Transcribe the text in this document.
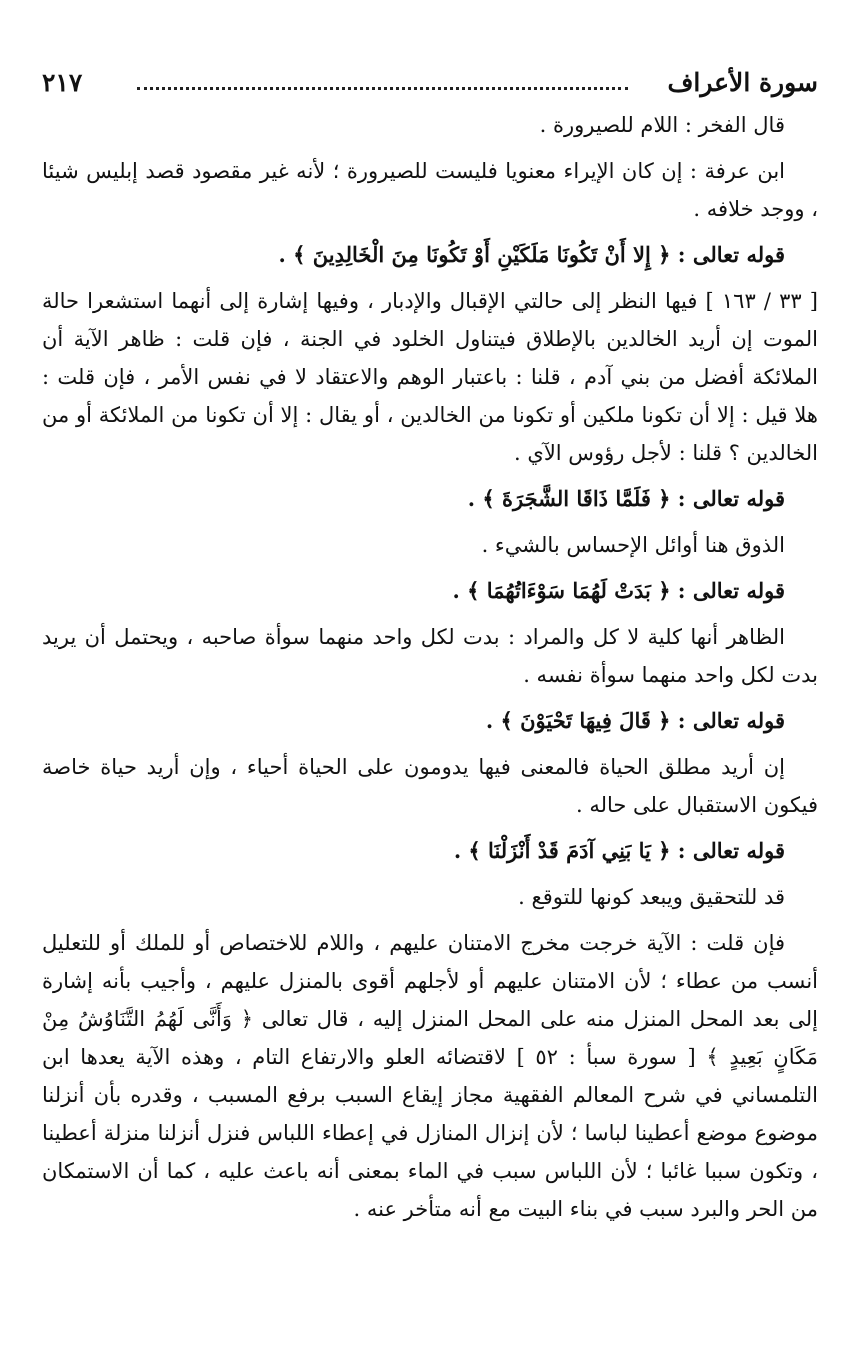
سورة الأعراف
٢١٧

قال الفخر : اللام للصيرورة .

ابن عرفة : إن كان الإيراء معنويا فليست للصيرورة ؛ لأنه غير مقصود قصد إبليس شيئا ، ووجد خلافه .

قوله تعالى : ﴿ إِلا أَنْ تَكُونَا مَلَكَيْنِ أَوْ تَكُونَا مِنَ الْخَالِدِينَ ﴾ .

[ ٣٣ / ١٦٣ ] فيها النظر إلى حالتي الإقبال والإدبار ، وفيها إشارة إلى أنهما استشعرا حالة الموت إن أريد الخالدين بالإطلاق فيتناول الخلود في الجنة ، فإن قلت : ظاهر الآية أن الملائكة أفضل من بني آدم ، قلنا : باعتبار الوهم والاعتقاد لا في نفس الأمر ، فإن قلت : هلا قيل : إلا أن تكونا ملكين أو تكونا من الخالدين ، أو يقال : إلا أن تكونا من الملائكة أو من الخالدين ؟ قلنا : لأجل رؤوس الآي .

قوله تعالى : ﴿ فَلَمَّا ذَاقَا الشَّجَرَةَ ﴾ .

الذوق هنا أوائل الإحساس بالشيء .

قوله تعالى : ﴿ بَدَتْ لَهُمَا سَوْءَاتُهُمَا ﴾ .

الظاهر أنها كلية لا كل والمراد : بدت لكل واحد منهما سوأة صاحبه ، ويحتمل أن يريد بدت لكل واحد منهما سوأة نفسه .

قوله تعالى : ﴿ قَالَ فِيهَا تَحْيَوْنَ ﴾ .

إن أريد مطلق الحياة فالمعنى فيها يدومون على الحياة أحياء ، وإن أريد حياة خاصة فيكون الاستقبال على حاله .

قوله تعالى : ﴿ يَا بَنِي آدَمَ قَدْ أَنْزَلْنَا ﴾ .

قد للتحقيق ويبعد كونها للتوقع .

فإن قلت : الآية خرجت مخرج الامتنان عليهم ، واللام للاختصاص أو للملك أو للتعليل أنسب من عطاء ؛ لأن الامتنان عليهم أو لأجلهم أقوى بالمنزل عليهم ، وأجيب بأنه إشارة إلى بعد المحل المنزل منه على المحل المنزل إليه ، قال تعالى ﴿ وَأَنَّى لَهُمُ التَّنَاوُشُ مِنْ مَكَانٍ بَعِيدٍ ﴾ [ سورة سبأ : ٥٢ ] لاقتضائه العلو والارتفاع التام ، وهذه الآية يعدها ابن التلمساني في شرح المعالم الفقهية مجاز إيقاع السبب برفع المسبب ، وقدره بأن أنزلنا موضوع موضع أعطينا لباسا ؛ لأن إنزال المنازل في إعطاء اللباس فنزل أنزلنا منزلة أعطينا ، وتكون سببا غائبا ؛ لأن اللباس سبب في الماء بمعنى أنه باعث عليه ، كما أن الاستمكان من الحر والبرد سبب في بناء البيت مع أنه متأخر عنه .
